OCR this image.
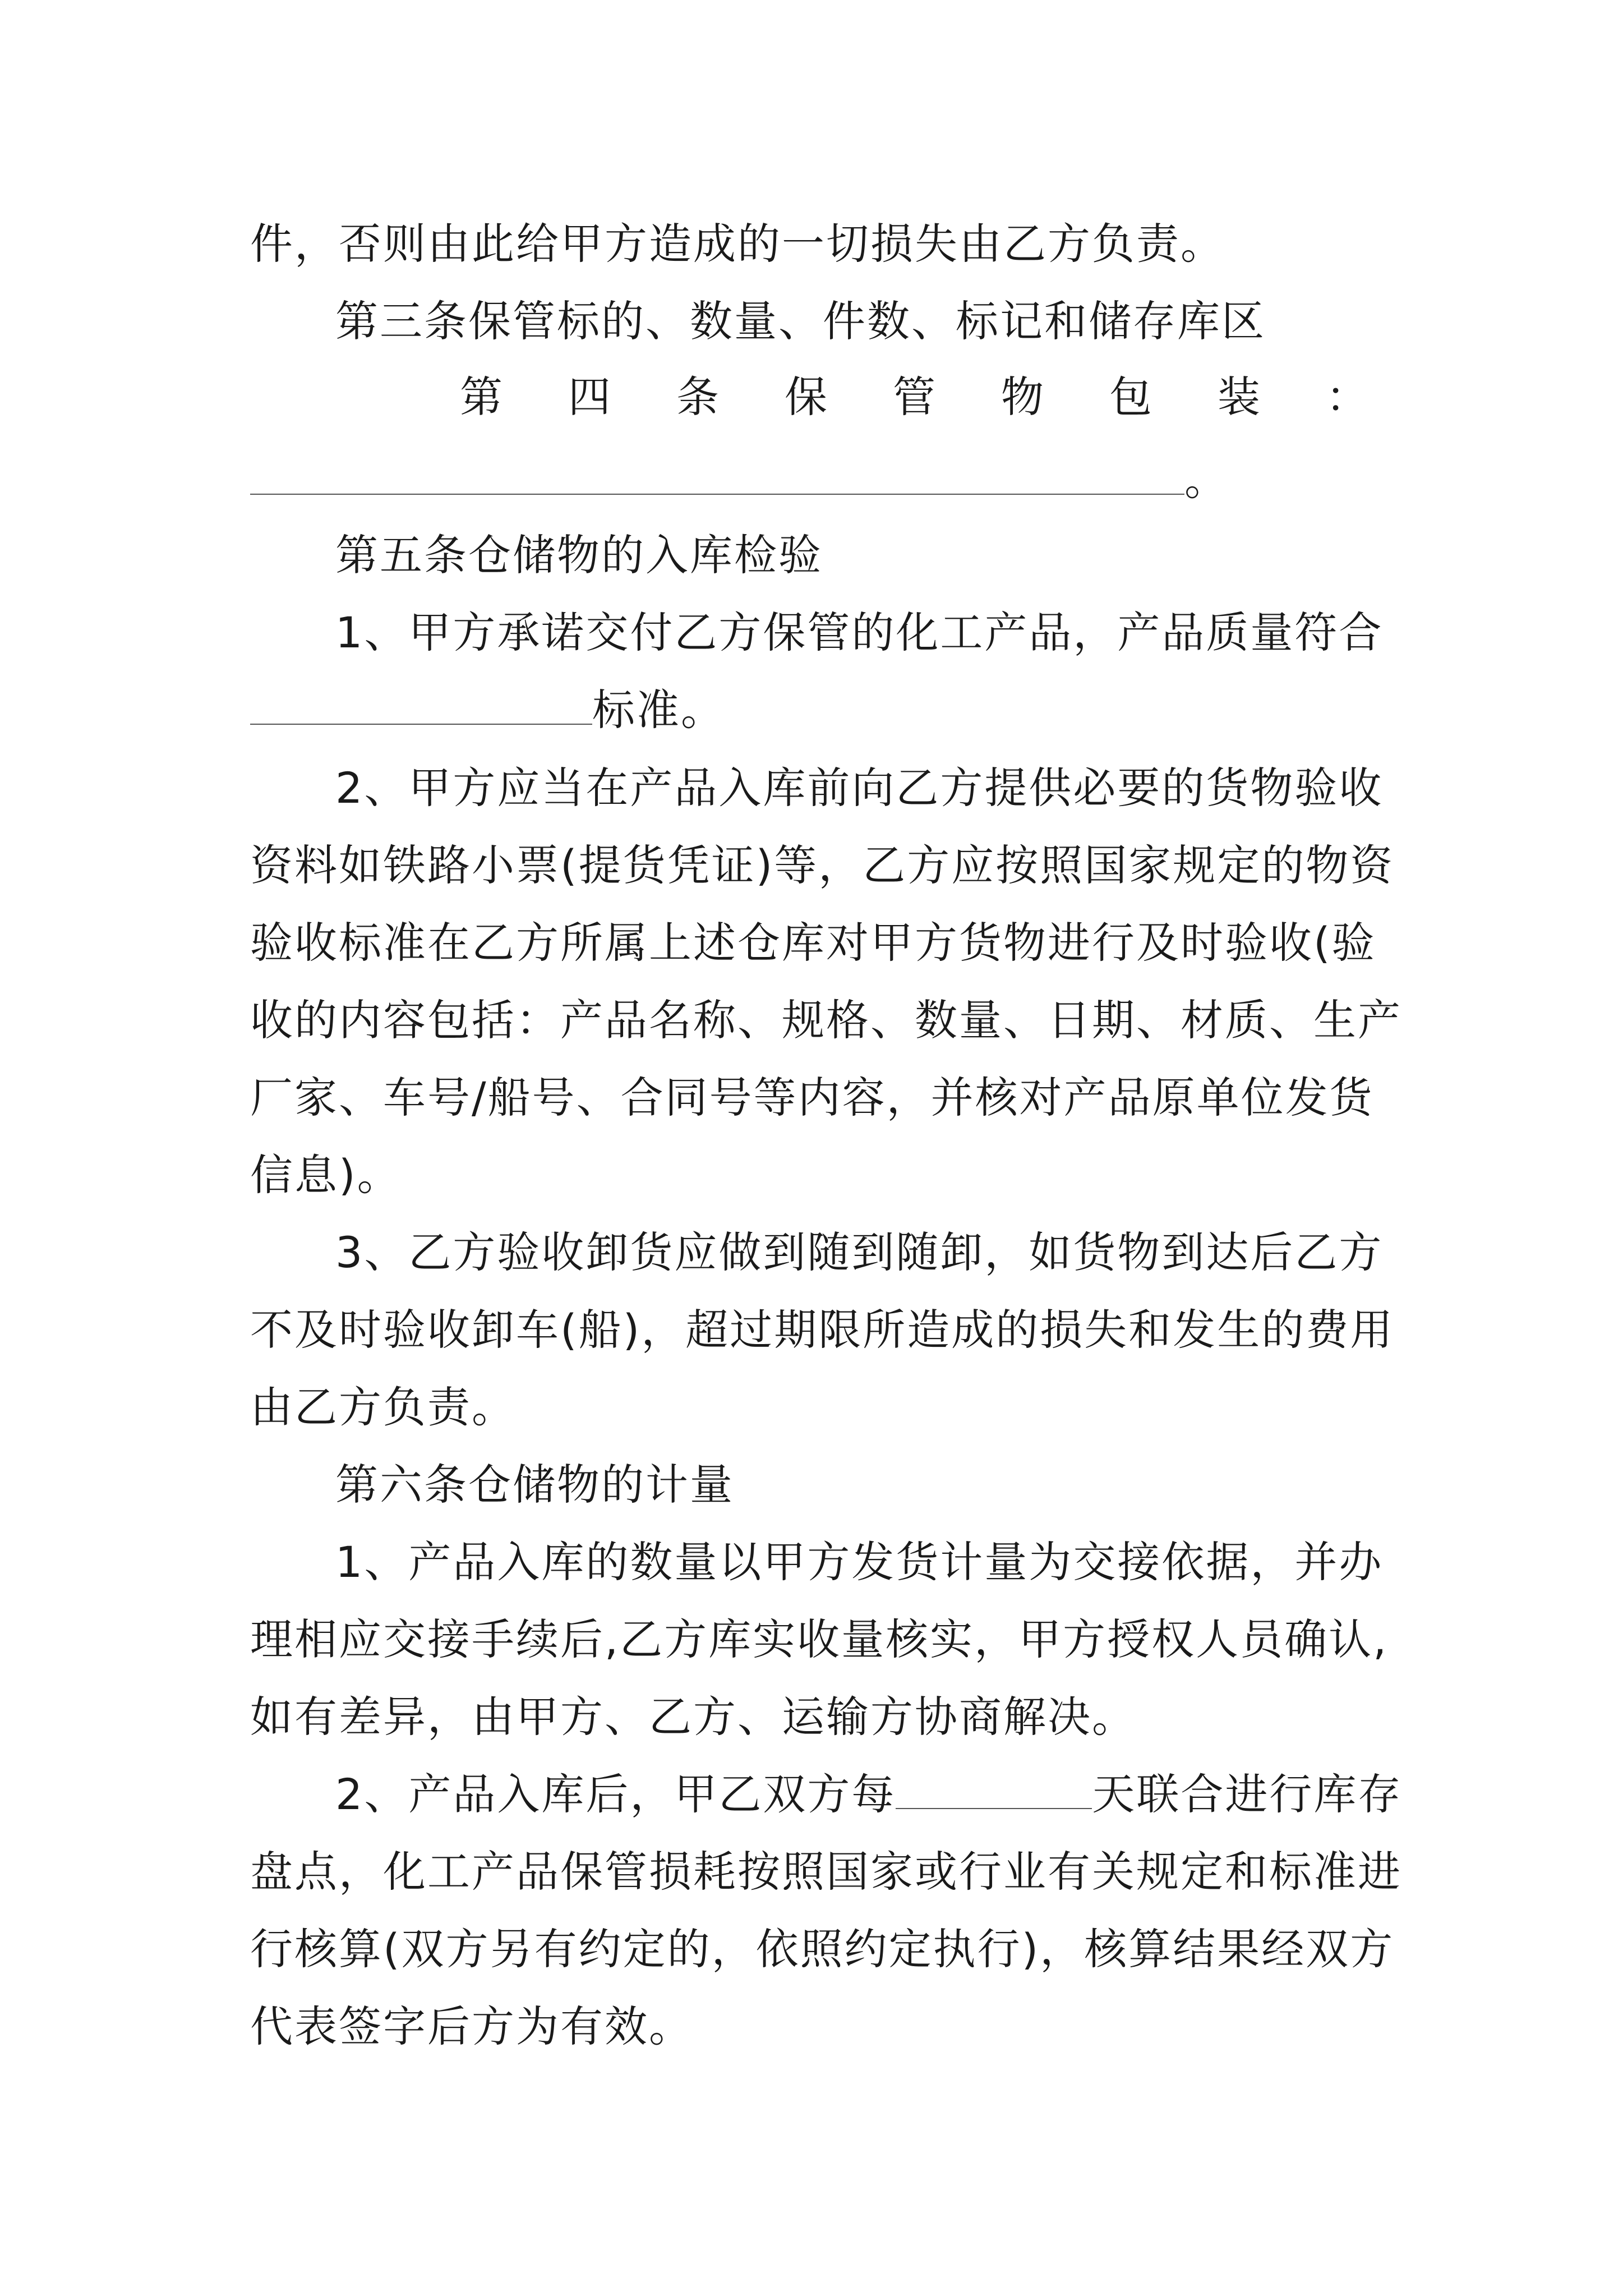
件，否则由此给甲方造成的一切损失由乙方负责。
第三条保管标的、数量、件数、标记和储存库区
第 四 条 保 管 物 包 装 ：
。
第五条仓储物的入库检验
1、甲方承诺交付乙方保管的化工产品，产品质量符合
标准。
2、甲方应当在产品入库前向乙方提供必要的货物验收
资料如铁路小票(提货凭证)等，乙方应按照国家规定的物资
验收标准在乙方所属上述仓库对甲方货物进行及时验收(验
收的内容包括：产品名称、规格、数量、日期、材质、生产
厂家、车号/船号、合同号等内容，并核对产品原单位发货
信息)。
3、乙方验收卸货应做到随到随卸，如货物到达后乙方
不及时验收卸车(船)，超过期限所造成的损失和发生的费用
由乙方负责。
第六条仓储物的计量
1、产品入库的数量以甲方发货计量为交接依据，并办
理相应交接手续后,乙方库实收量核实，甲方授权人员确认,
如有差异，由甲方、乙方、运输方协商解决。
2、产品入库后，甲乙双方每	天联合进行库存
盘点，化工产品保管损耗按照国家或行业有关规定和标准进
行核算(双方另有约定的，依照约定执行)，核算结果经双方
代表签字后方为有效。
